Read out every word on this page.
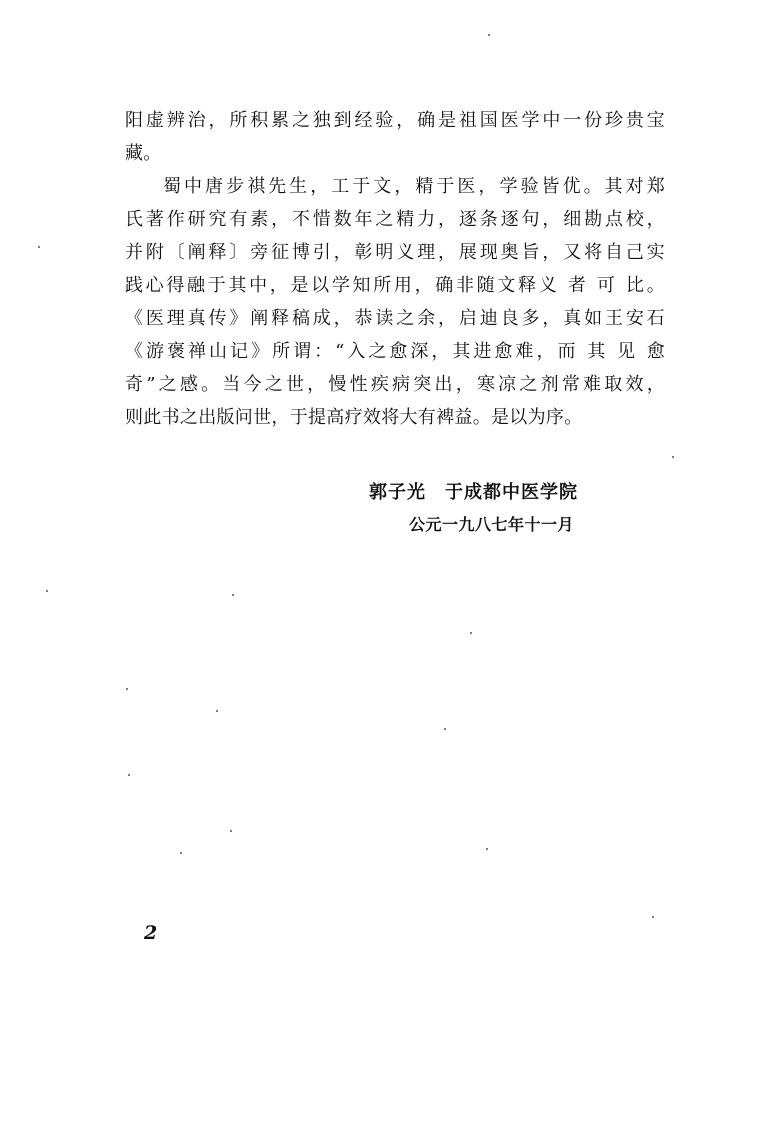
阳虚辨治，所积累之独到经验，确是祖国医学中一份珍贵宝
藏。
蜀中唐步祺先生，工于文，精于医，学验皆优。其对郑
氏著作研究有素，不惜数年之精力，逐条逐句，细勘点校，
并附〔阐释〕旁征博引，彰明义理，展现奥旨，又将自己实
践心得融于其中，是以学知所用，确非随文释义 者 可 比。
《医理真传》阐释稿成，恭读之余，启迪良多，真如王安石
《游褒禅山记》所谓：“入之愈深，其进愈难，而 其 见 愈
奇”之感。当今之世，慢性疾病突出，寒凉之剂常难取效，
则此书之出版问世，于提高疗效将大有裨益。是以为序。
郭子光　于成都中医学院
公元一九八七年十一月
2
